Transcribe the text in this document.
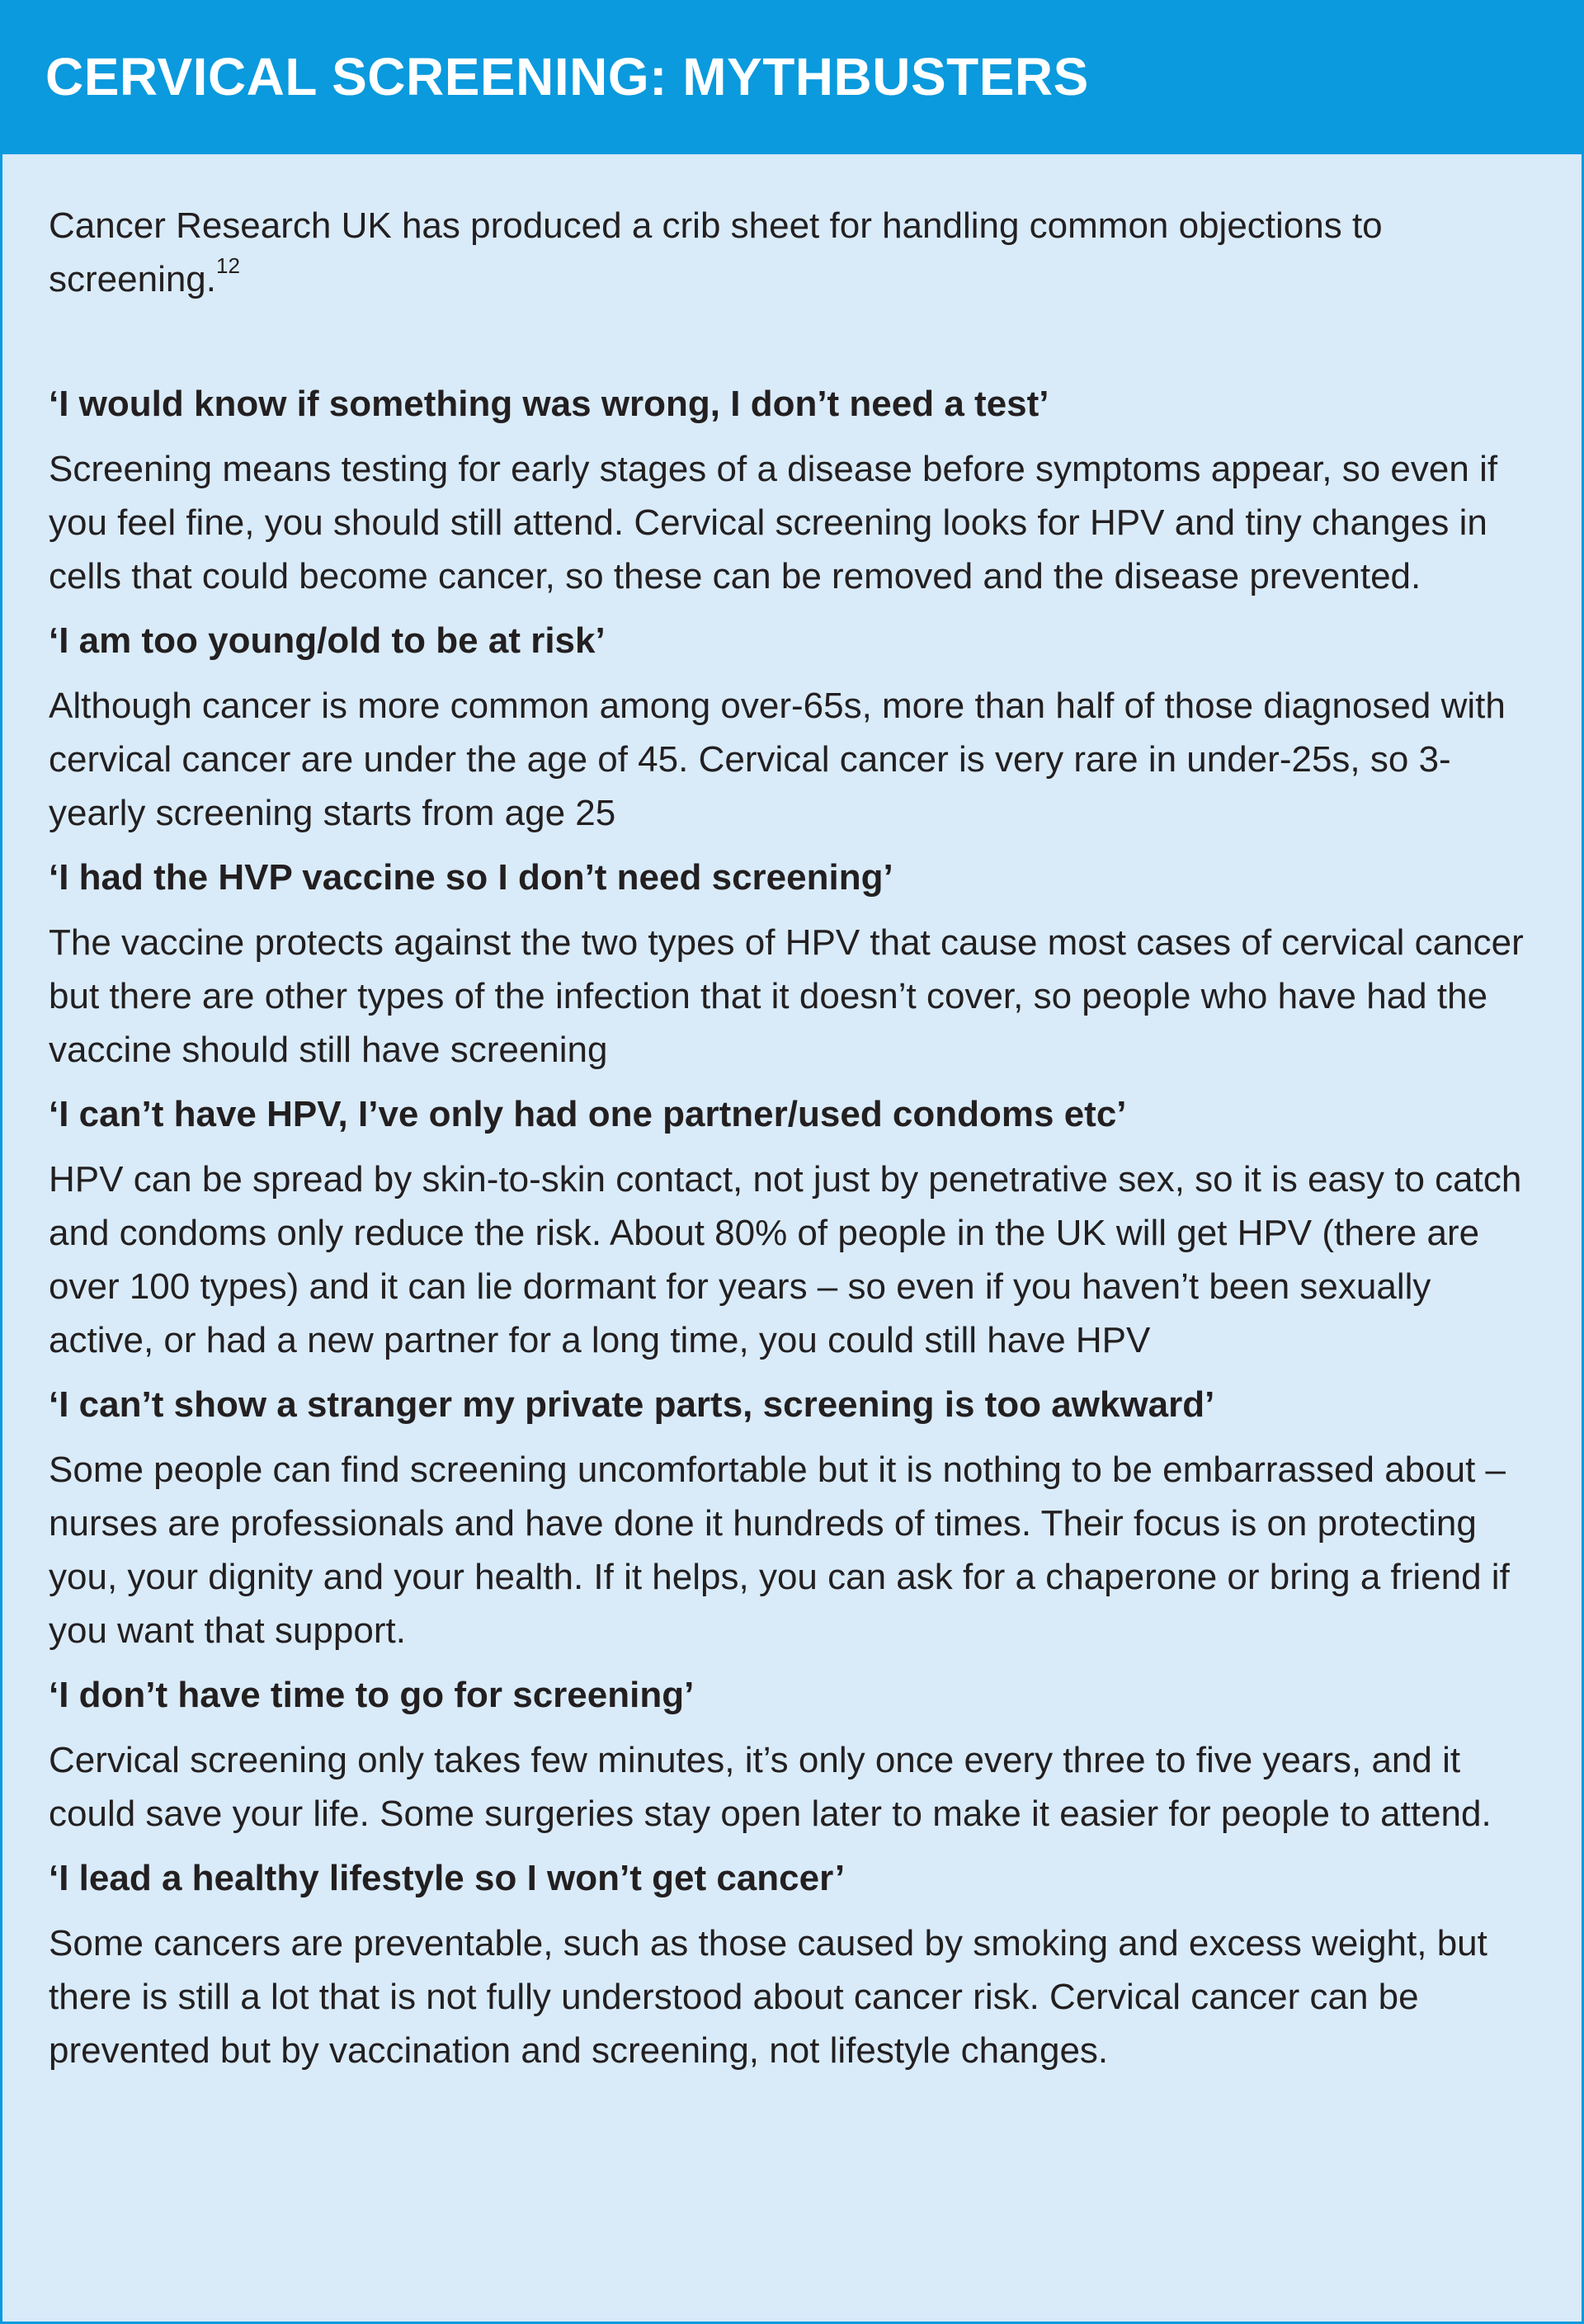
CERVICAL SCREENING: MYTHBUSTERS

Cancer Research UK has produced a crib sheet for handling common objections to screening.$^{12}$

‘I would know if something was wrong, I don’t need a test’

Screening means testing for early stages of a disease before symptoms appear, so even if you feel fine, you should still attend. Cervical screening looks for HPV and tiny changes in cells that could become cancer, so these can be removed and the disease prevented.

‘I am too young/old to be at risk’

Although cancer is more common among over-65s, more than half of those diagnosed with cervical cancer are under the age of 45. Cervical cancer is very rare in under-25s, so 3-yearly screening starts from age 25

‘I had the HVP vaccine so I don’t need screening’

The vaccine protects against the two types of HPV that cause most cases of cervical cancer but there are other types of the infection that it doesn’t cover, so people who have had the vaccine should still have screening

‘I can’t have HPV, I’ve only had one partner/used condoms etc’

HPV can be spread by skin-to-skin contact, not just by penetrative sex, so it is easy to catch and condoms only reduce the risk. About 80% of people in the UK will get HPV (there are over 100 types) and it can lie dormant for years – so even if you haven’t been sexually active, or had a new partner for a long time, you could still have HPV

‘I can’t show a stranger my private parts, screening is too awkward’

Some people can find screening uncomfortable but it is nothing to be embarrassed about – nurses are professionals and have done it hundreds of times. Their focus is on protecting you, your dignity and your health. If it helps, you can ask for a chaperone or bring a friend if you want that support.

‘I don’t have time to go for screening’

Cervical screening only takes few minutes, it’s only once every three to five years, and it could save your life. Some surgeries stay open later to make it easier for people to attend.

‘I lead a healthy lifestyle so I won’t get cancer’

Some cancers are preventable, such as those caused by smoking and excess weight, but there is still a lot that is not fully understood about cancer risk. Cervical cancer can be prevented but by vaccination and screening, not lifestyle changes.
